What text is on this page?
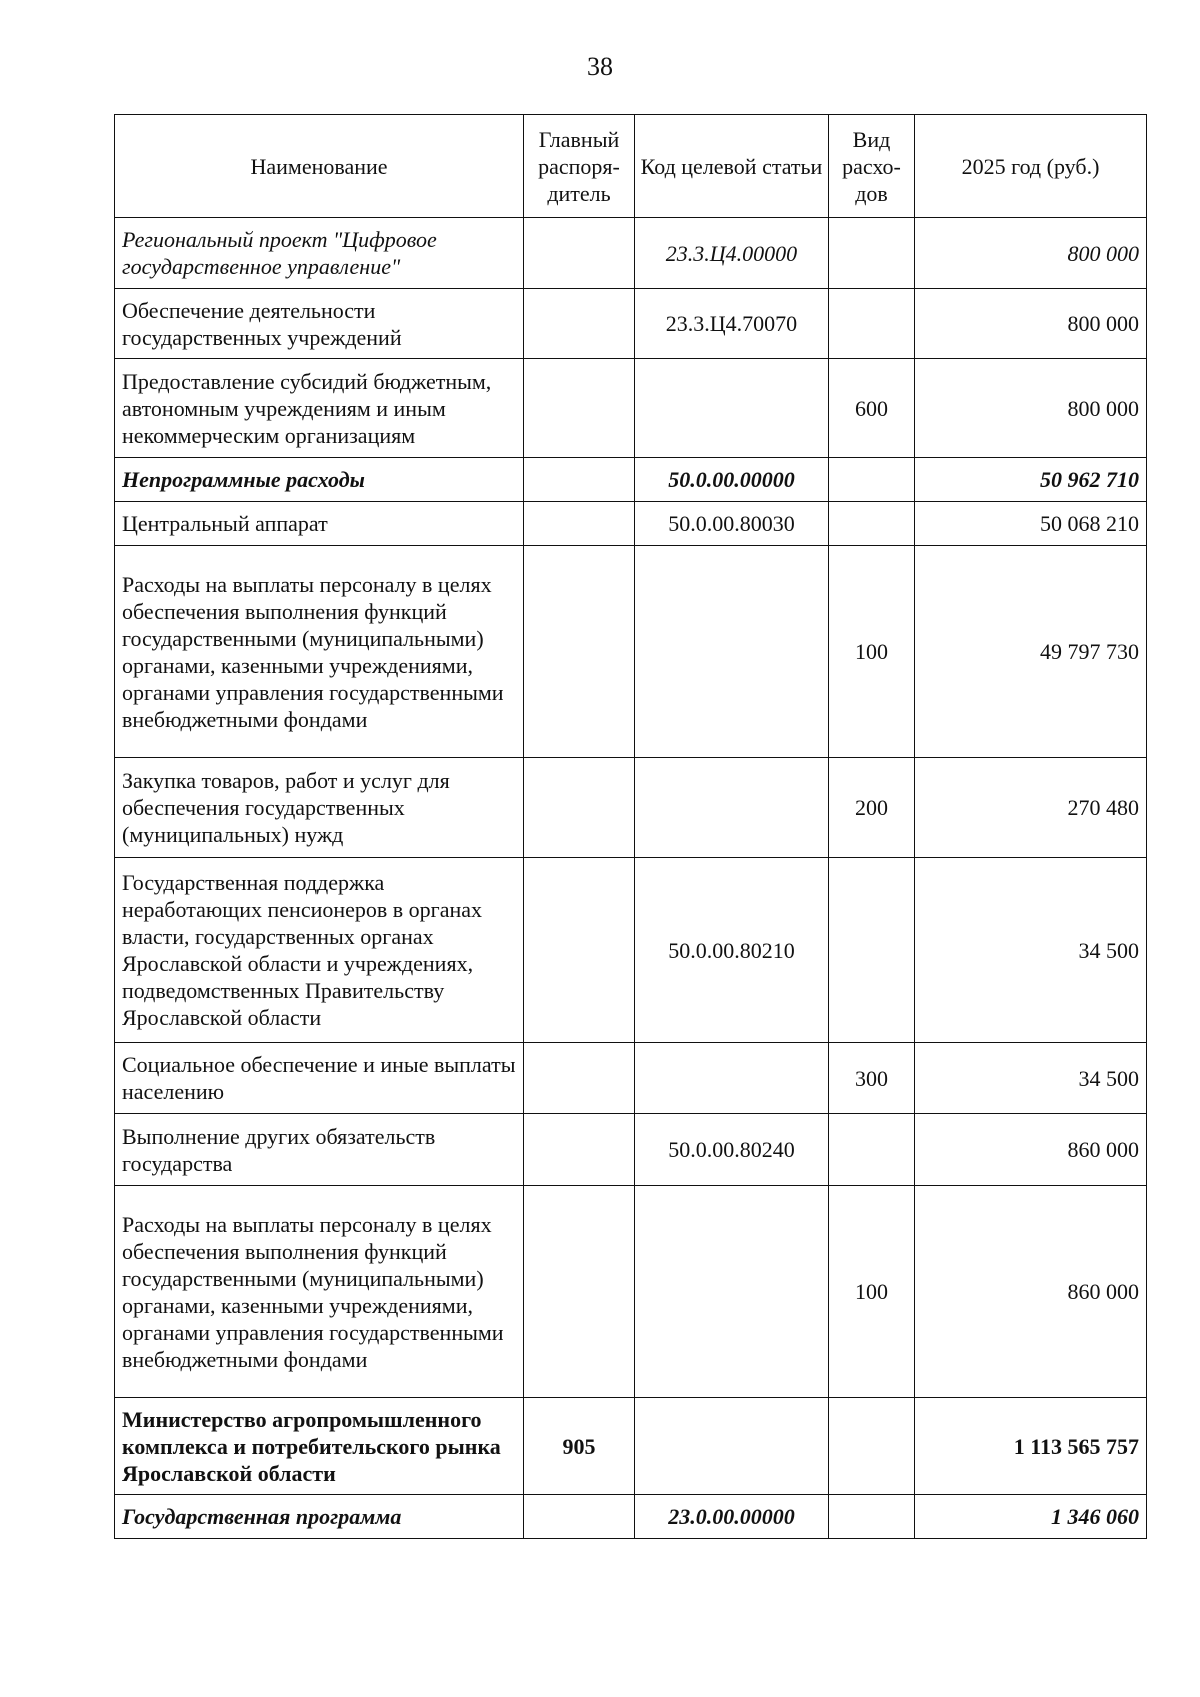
38
Наименование	Главный распоря-дитель	Код целевой статьи	Вид расхо-дов	2025 год (руб.)
Региональный проект "Цифровое государственное управление"		23.3.Ц4.00000		800 000
Обеспечение деятельности государственных учреждений		23.3.Ц4.70070		800 000
Предоставление субсидий бюджетным, автономным учреждениям и иным некоммерческим организациям			600	800 000
Непрограммные расходы		50.0.00.00000		50 962 710
Центральный аппарат		50.0.00.80030		50 068 210
Расходы на выплаты персоналу в целях обеспечения выполнения функций государственными (муниципальными) органами, казенными учреждениями, органами управления государственными внебюджетными фондами			100	49 797 730
Закупка товаров, работ и услуг для обеспечения государственных (муниципальных) нужд			200	270 480
Государственная поддержка неработающих пенсионеров в органах власти, государственных органах Ярославской области и учреждениях, подведомственных Правительству Ярославской области		50.0.00.80210		34 500
Социальное обеспечение и иные выплаты населению			300	34 500
Выполнение других обязательств государства		50.0.00.80240		860 000
Расходы на выплаты персоналу в целях обеспечения выполнения функций государственными (муниципальными) органами, казенными учреждениями, органами управления государственными внебюджетными фондами			100	860 000
Министерство агропромышленного комплекса и потребительского рынка Ярославской области	905			1 113 565 757
Государственная программа		23.0.00.00000		1 346 060
